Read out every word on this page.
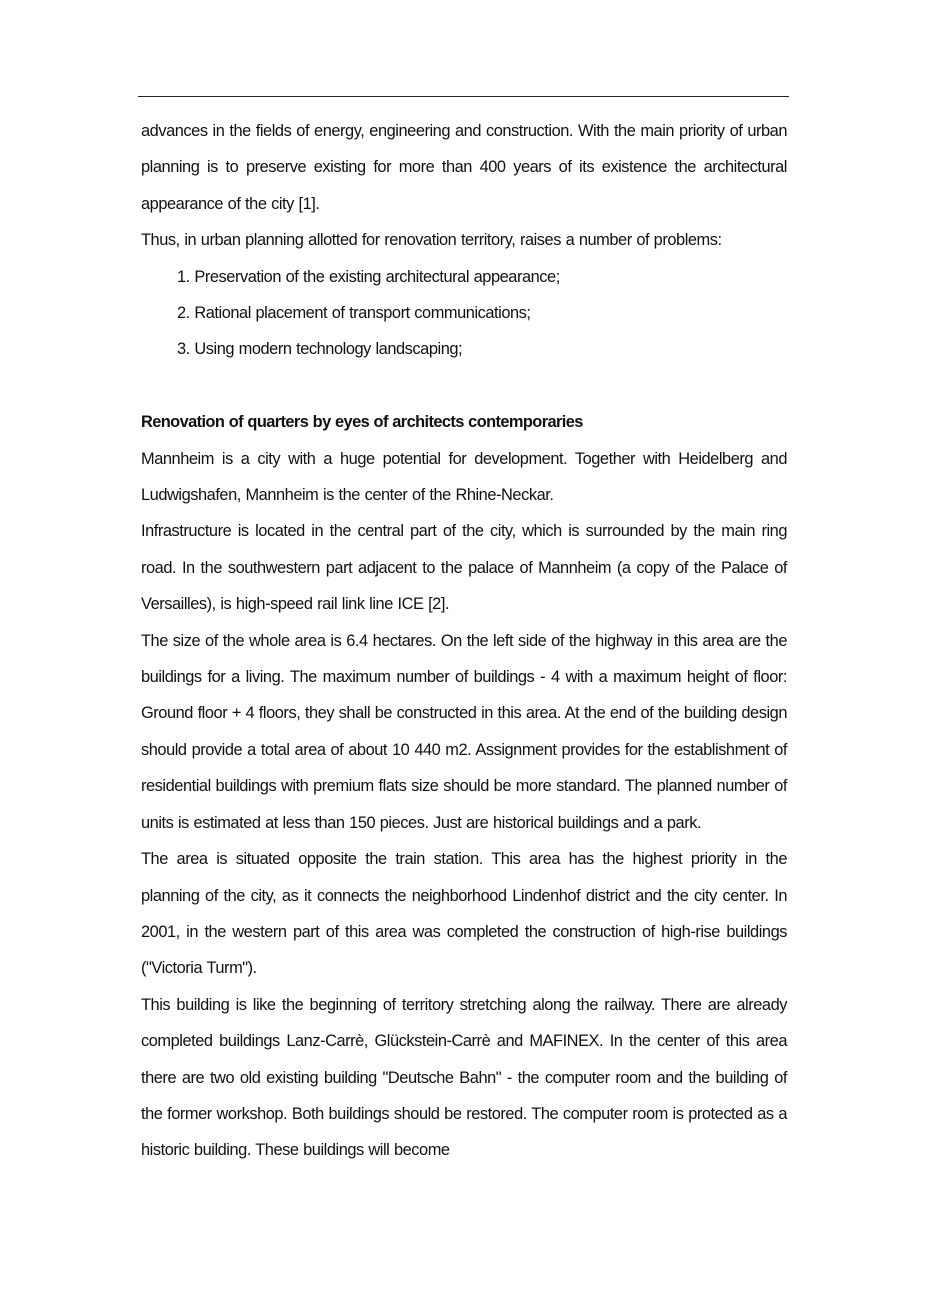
advances in the fields of energy, engineering and construction. With the main priority of urban planning is to preserve existing for more than 400 years of its existence the architectural appearance of the city [1].

Thus, in urban planning allotted for renovation territory, raises a number of problems:

1. Preservation of the existing architectural appearance;
2. Rational placement of transport communications;
3. Using modern technology landscaping;

Renovation of quarters by eyes of architects contemporaries

Mannheim is a city with a huge potential for development. Together with Heidelberg and Ludwigshafen, Mannheim is the center of the Rhine-Neckar.

Infrastructure is located in the central part of the city, which is surrounded by the main ring road. In the southwestern part adjacent to the palace of Mannheim (a copy of the Palace of Versailles), is high-speed rail link line ICE [2].

The size of the whole area is 6.4 hectares. On the left side of the highway in this area are the buildings for a living. The maximum number of buildings - 4 with a maximum height of floor: Ground floor + 4 floors, they shall be constructed in this area. At the end of the building design should provide a total area of about 10 440 m2. Assignment provides for the establishment of residential buildings with premium flats size should be more standard. The planned number of units is estimated at less than 150 pieces. Just are historical buildings and a park.

The area is situated opposite the train station. This area has the highest priority in the planning of the city, as it connects the neighborhood Lindenhof district and the city center. In 2001, in the western part of this area was completed the construction of high-rise buildings ("Victoria Turm").

This building is like the beginning of territory stretching along the railway. There are already completed buildings Lanz-Carrè, Glückstein-Carrè and MAFINEX. In the center of this area there are two old existing building "Deutsche Bahn" - the computer room and the building of the former workshop. Both buildings should be restored. The computer room is protected as a historic building. These buildings will become
